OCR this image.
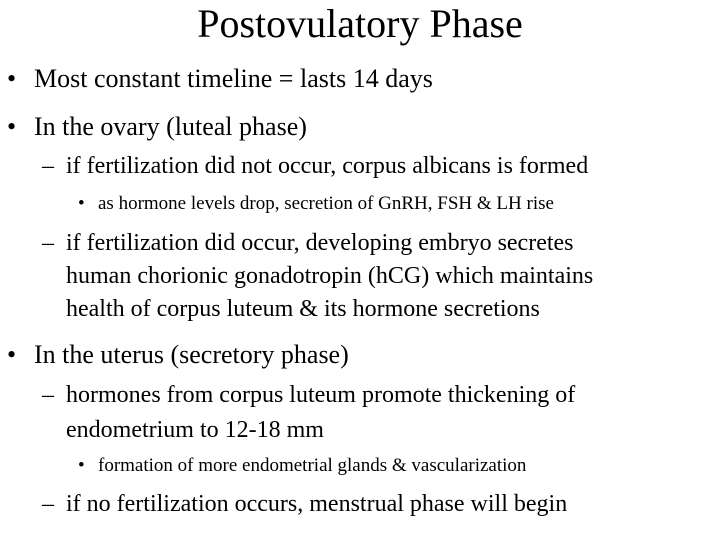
Postovulatory Phase
• Most constant timeline = lasts 14 days
• In the ovary (luteal phase)
– if fertilization did not occur, corpus albicans is formed
• as hormone levels drop, secretion of GnRH, FSH & LH rise
– if fertilization did occur, developing embryo secretes
human chorionic gonadotropin (hCG) which maintains
health of corpus luteum & its hormone secretions
• In the uterus (secretory phase)
– hormones from corpus luteum promote thickening of
endometrium to 12-18 mm
• formation of more endometrial glands & vascularization
– if no fertilization occurs, menstrual phase will begin
